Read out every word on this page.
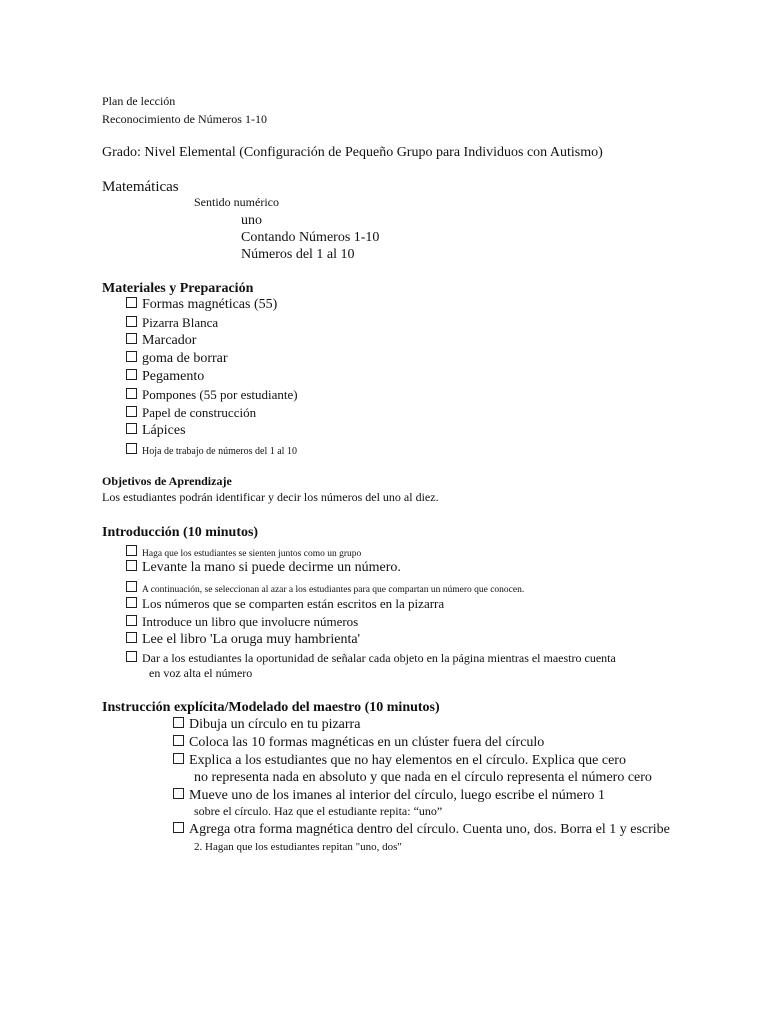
Plan de lección
Reconocimiento de Números 1-10
Grado: Nivel Elemental (Configuración de Pequeño Grupo para Individuos con Autismo)
Matemáticas
Sentido numérico
uno
Contando Números 1-10
Números del 1 al 10
Materiales y Preparación
Formas magnéticas (55)
Pizarra Blanca
Marcador
goma de borrar
Pegamento
Pompones (55 por estudiante)
Papel de construcción
Lápices
Hoja de trabajo de números del 1 al 10
Objetivos de Aprendizaje
Los estudiantes podrán identificar y decir los números del uno al diez.
Introducción (10 minutos)
Haga que los estudiantes se sienten juntos como un grupo
Levante la mano si puede decirme un número.
A continuación, se seleccionan al azar a los estudiantes para que compartan un número que conocen.
Los números que se comparten están escritos en la pizarra
Introduce un libro que involucre números
Lee el libro 'La oruga muy hambrienta'
Dar a los estudiantes la oportunidad de señalar cada objeto en la página mientras el maestro cuenta
en voz alta el número
Instrucción explícita/Modelado del maestro (10 minutos)
Dibuja un círculo en tu pizarra
Coloca las 10 formas magnéticas en un clúster fuera del círculo
Explica a los estudiantes que no hay elementos en el círculo. Explica que cero
no representa nada en absoluto y que nada en el círculo representa el número cero
Mueve uno de los imanes al interior del círculo, luego escribe el número 1
sobre el círculo. Haz que el estudiante repita: “uno”
Agrega otra forma magnética dentro del círculo. Cuenta uno, dos. Borra el 1 y escribe
2. Hagan que los estudiantes repitan "uno, dos"
